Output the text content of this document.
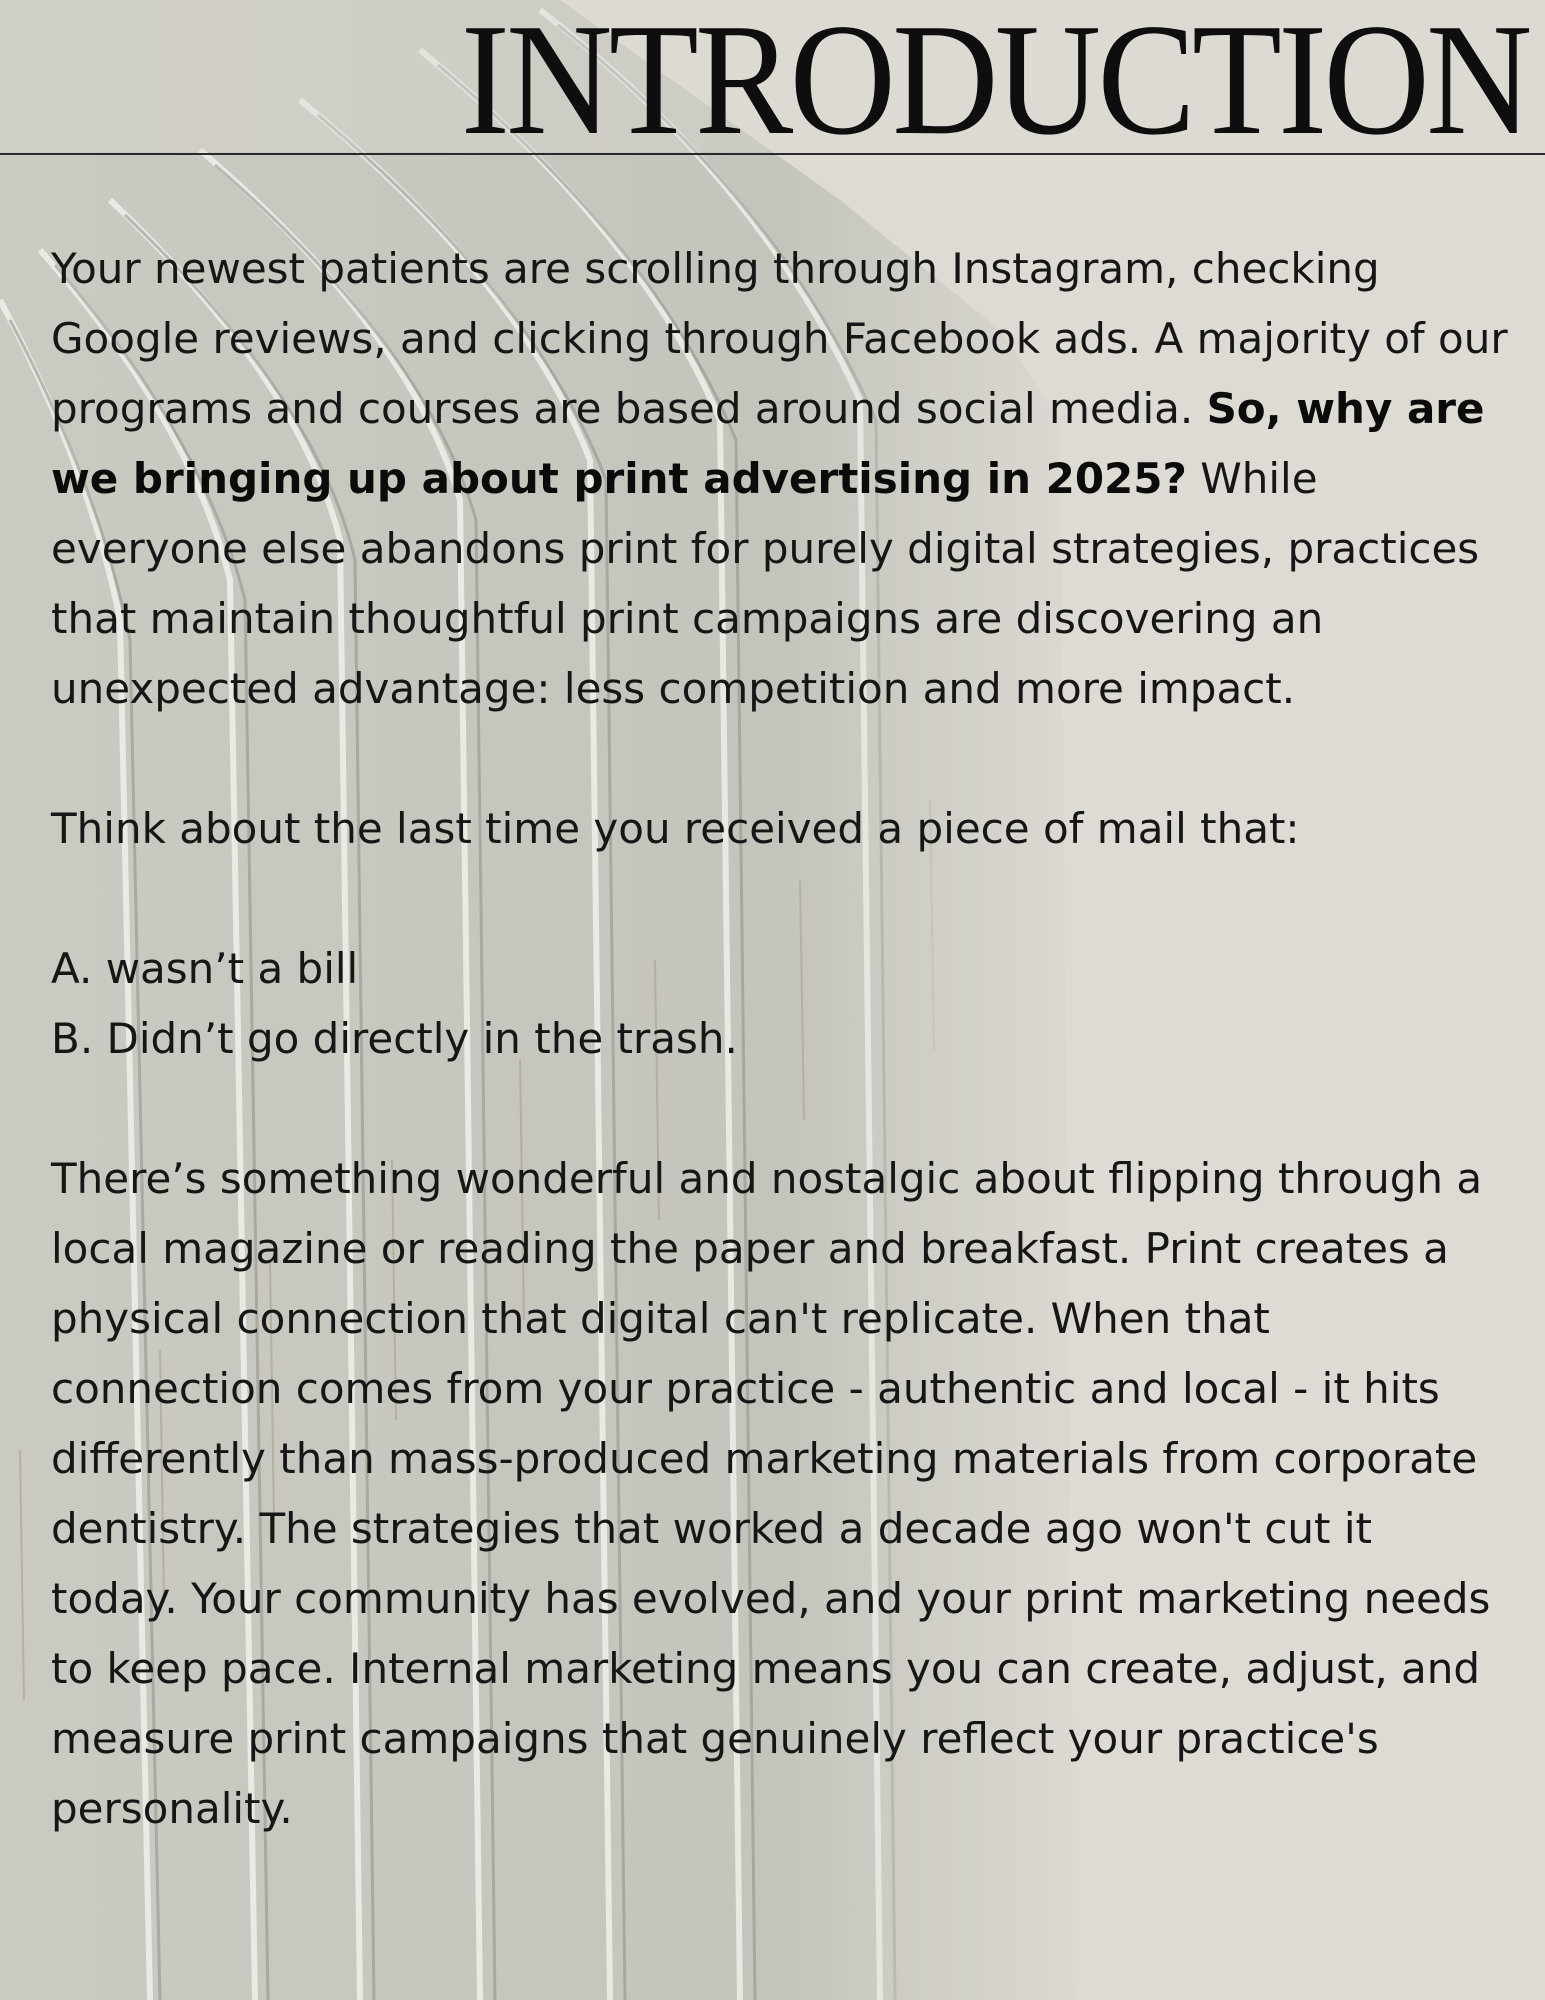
INTRODUCTION

Your newest patients are scrolling through Instagram, checking Google reviews, and clicking through Facebook ads. A majority of our programs and courses are based around social media. So, why are we bringing up about print advertising in 2025? While everyone else abandons print for purely digital strategies, practices that maintain thoughtful print campaigns are discovering an unexpected advantage: less competition and more impact.

Think about the last time you received a piece of mail that:

A. wasn’t a bill
B. Didn’t go directly in the trash.

There’s something wonderful and nostalgic about flipping through a local magazine or reading the paper and breakfast. Print creates a physical connection that digital can't replicate. When that connection comes from your practice - authentic and local - it hits differently than mass-produced marketing materials from corporate dentistry. The strategies that worked a decade ago won't cut it today. Your community has evolved, and your print marketing needs to keep pace. Internal marketing means you can create, adjust, and measure print campaigns that genuinely reflect your practice's personality.
